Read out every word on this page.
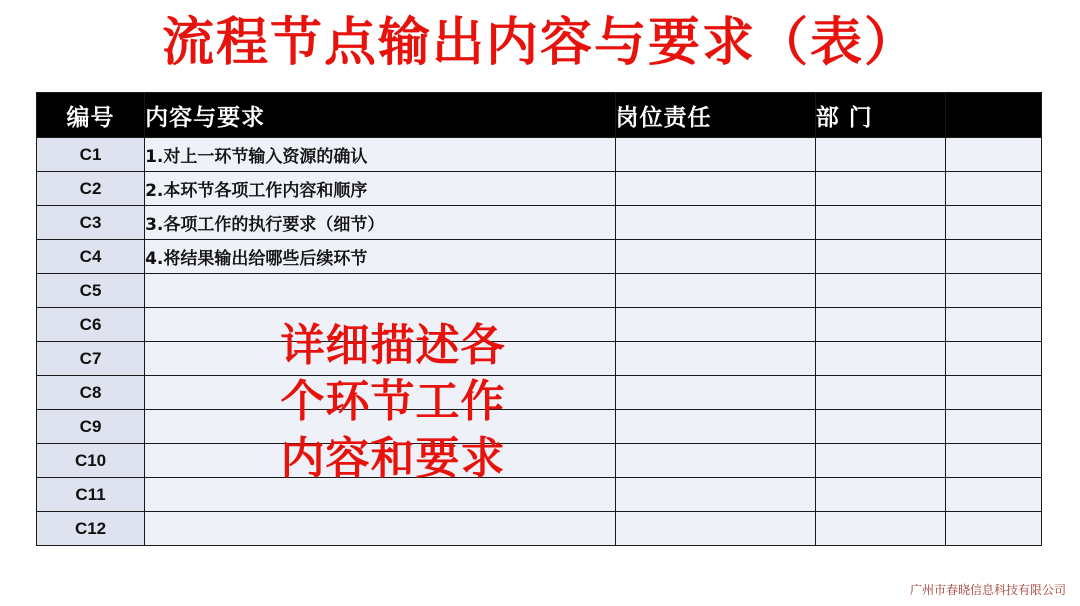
流程节点输出内容与要求（表）
编号	内容与要求	岗位责任	部 门	
C1	1.对上一环节输入资源的确认			
C2	2.本环节各项工作内容和顺序			
C3	3.各项工作的执行要求（细节）			
C4	4.将结果输出给哪些后续环节			
C5				
C6				
C7				
C8				
C9				
C10				
C11				
C12				
详细描述各
个环节工作
内容和要求
广州市春晓信息科技有限公司
